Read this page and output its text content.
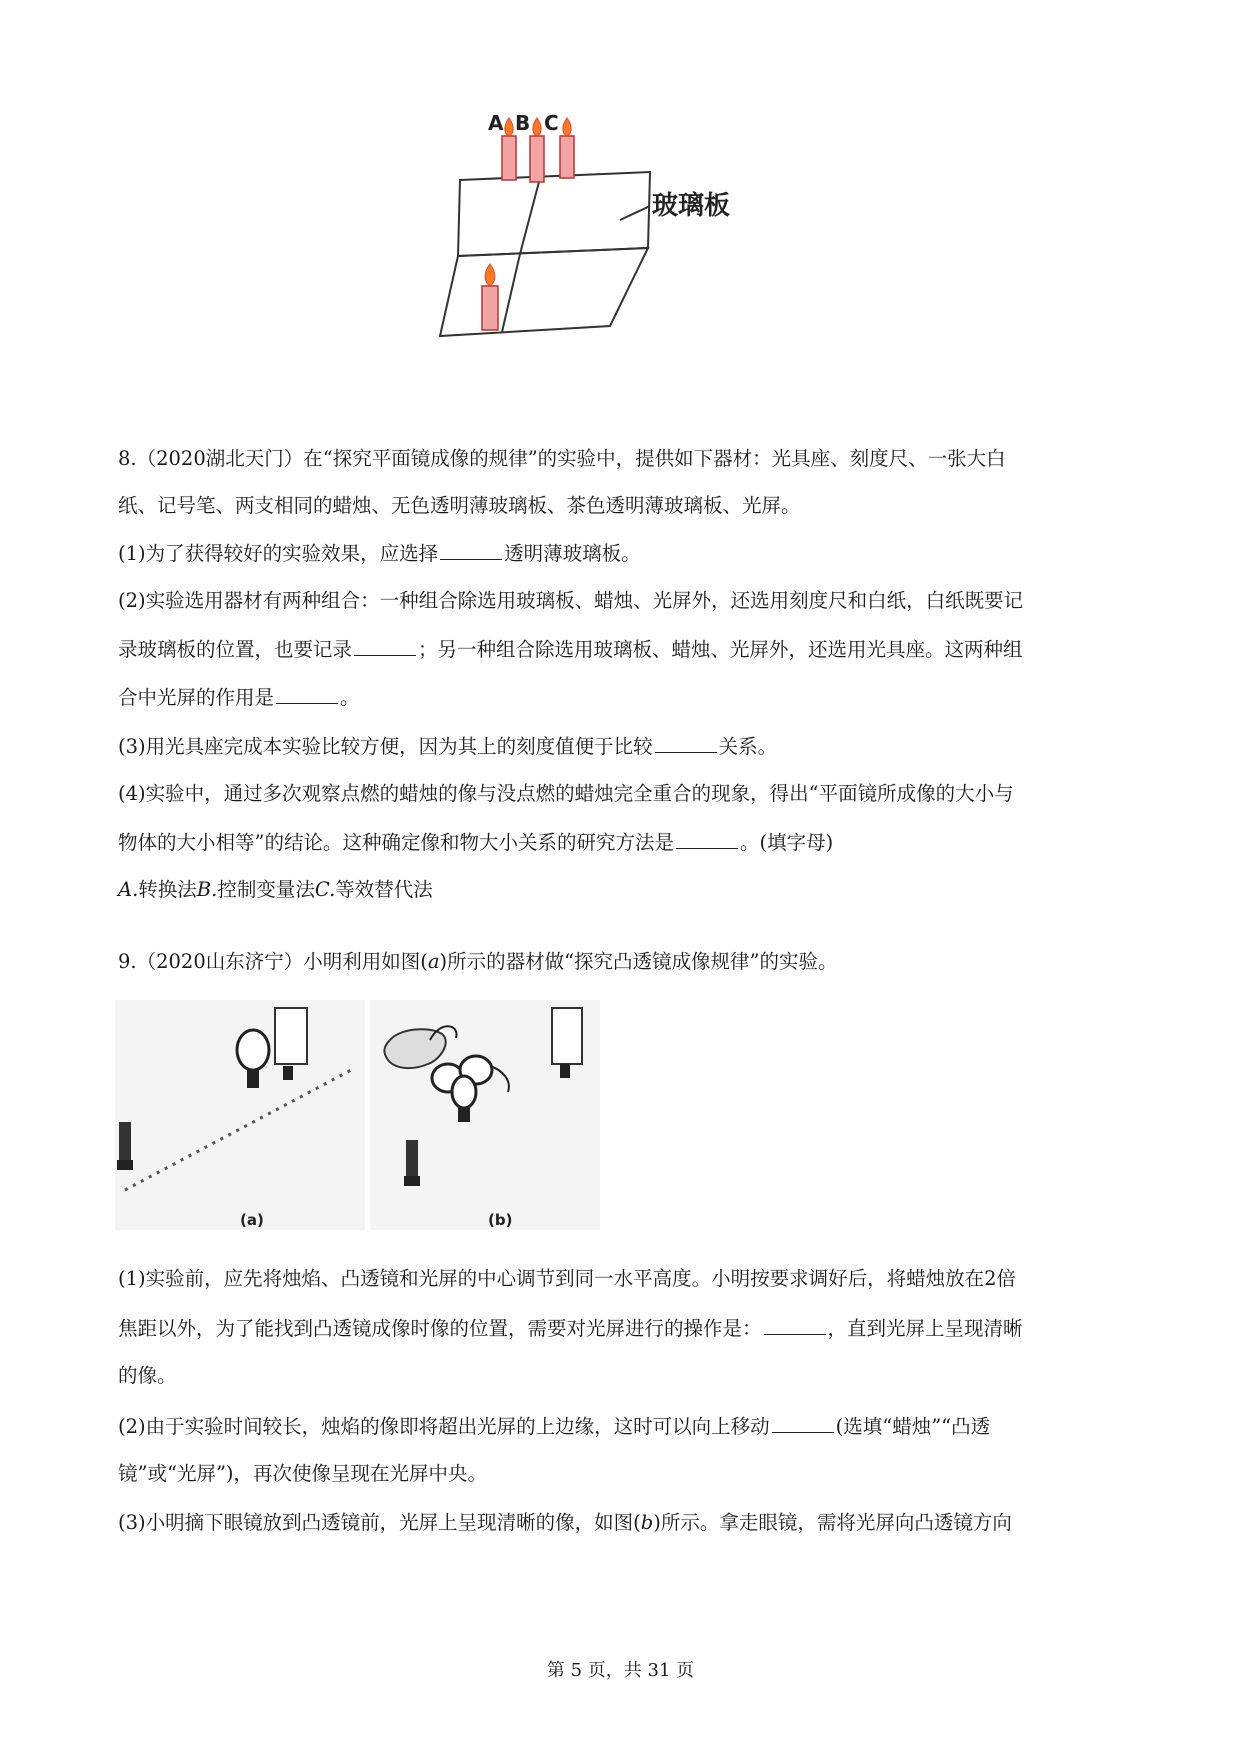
A B C
玻璃板
8.（2020湖北天门）在“探究平面镜成像的规律”的实验中，提供如下器材：光具座、刻度尺、一张大白
纸、记号笔、两支相同的蜡烛、无色透明薄玻璃板、茶色透明薄玻璃板、光屏。
(1)为了获得较好的实验效果，应选择	透明薄玻璃板。
(2)实验选用器材有两种组合：一种组合除选用玻璃板、蜡烛、光屏外，还选用刻度尺和白纸，白纸既要记
录玻璃板的位置，也要记录	；另一种组合除选用玻璃板、蜡烛、光屏外，还选用光具座。这两种组
合中光屏的作用是	。
(3)用光具座完成本实验比较方便，因为其上的刻度值便于比较	关系。
(4)实验中，通过多次观察点燃的蜡烛的像与没点燃的蜡烛完全重合的现象，得出“平面镜所成像的大小与
物体的大小相等”的结论。这种确定像和物大小关系的研究方法是	。(填字母)
A.转换法B.控制变量法C.等效替代法
9.（2020山东济宁）小明利用如图(a)所示的器材做“探究凸透镜成像规律”的实验。
(a)	(b)
(1)实验前，应先将烛焰、凸透镜和光屏的中心调节到同一水平高度。小明按要求调好后，将蜡烛放在2倍
焦距以外，为了能找到凸透镜成像时像的位置，需要对光屏进行的操作是：	，直到光屏上呈现清晰
的像。
(2)由于实验时间较长，烛焰的像即将超出光屏的上边缘，这时可以向上移动	(选填“蜡烛”“凸透
镜”或“光屏”)，再次使像呈现在光屏中央。
(3)小明摘下眼镜放到凸透镜前，光屏上呈现清晰的像，如图(b)所示。拿走眼镜，需将光屏向凸透镜方向
第 5 页，共 31 页
